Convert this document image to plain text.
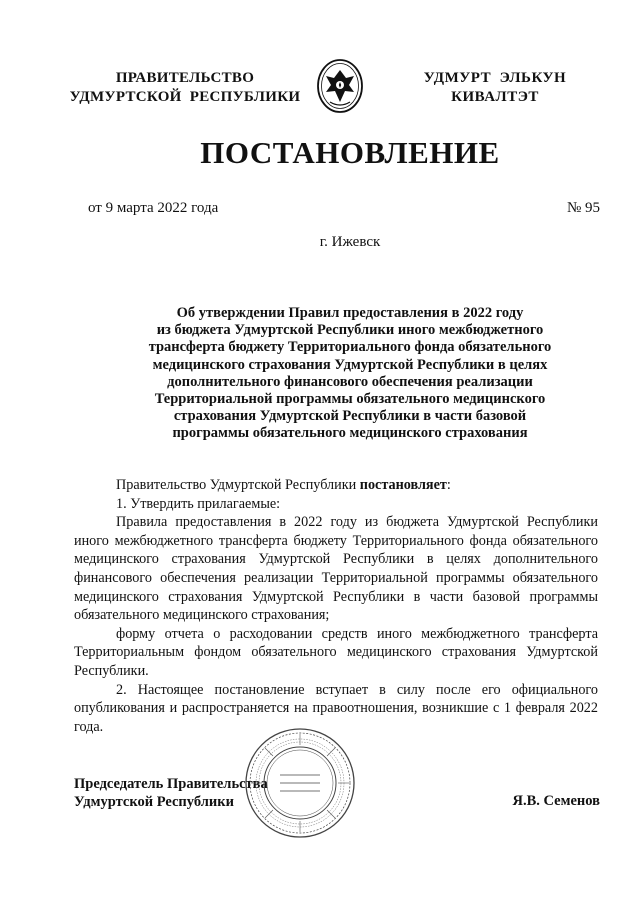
ПРАВИТЕЛЬСТВО
УДМУРТСКОЙ  РЕСПУБЛИКИ
УДМУРТ  ЭЛЬКУН
КИВАЛТЭТ
ПОСТАНОВЛЕНИЕ
от 9 марта 2022 года	№ 95
г. Ижевск
Об утверждении Правил предоставления в 2022 году
из бюджета Удмуртской Республики иного межбюджетного
трансферта бюджету Территориального фонда обязательного
медицинского страхования Удмуртской Республики в целях
дополнительного финансового обеспечения реализации
Территориальной программы обязательного медицинского
страхования Удмуртской Республики в части базовой
программы обязательного медицинского страхования

Правительство Удмуртской Республики постановляет:

1. Утвердить прилагаемые:

Правила предоставления в 2022 году из бюджета Удмуртской Республики иного межбюджетного трансферта бюджету Территориального фонда обязательного медицинского страхования Удмуртской Республики в целях дополнительного финансового обеспечения реализации Территориальной программы обязательного медицинского страхования Удмуртской Республики в части базовой программы обязательного медицинского страхования;

форму отчета о расходовании средств иного межбюджетного трансферта Территориальным фондом обязательного медицинского страхования Удмуртской Республики.

2. Настоящее постановление вступает в силу после его официального опубликования и распространяется на правоотношения, возникшие с 1 февраля 2022 года.

Председатель Правительства
Удмуртской Республики	Я.В. Семенов
